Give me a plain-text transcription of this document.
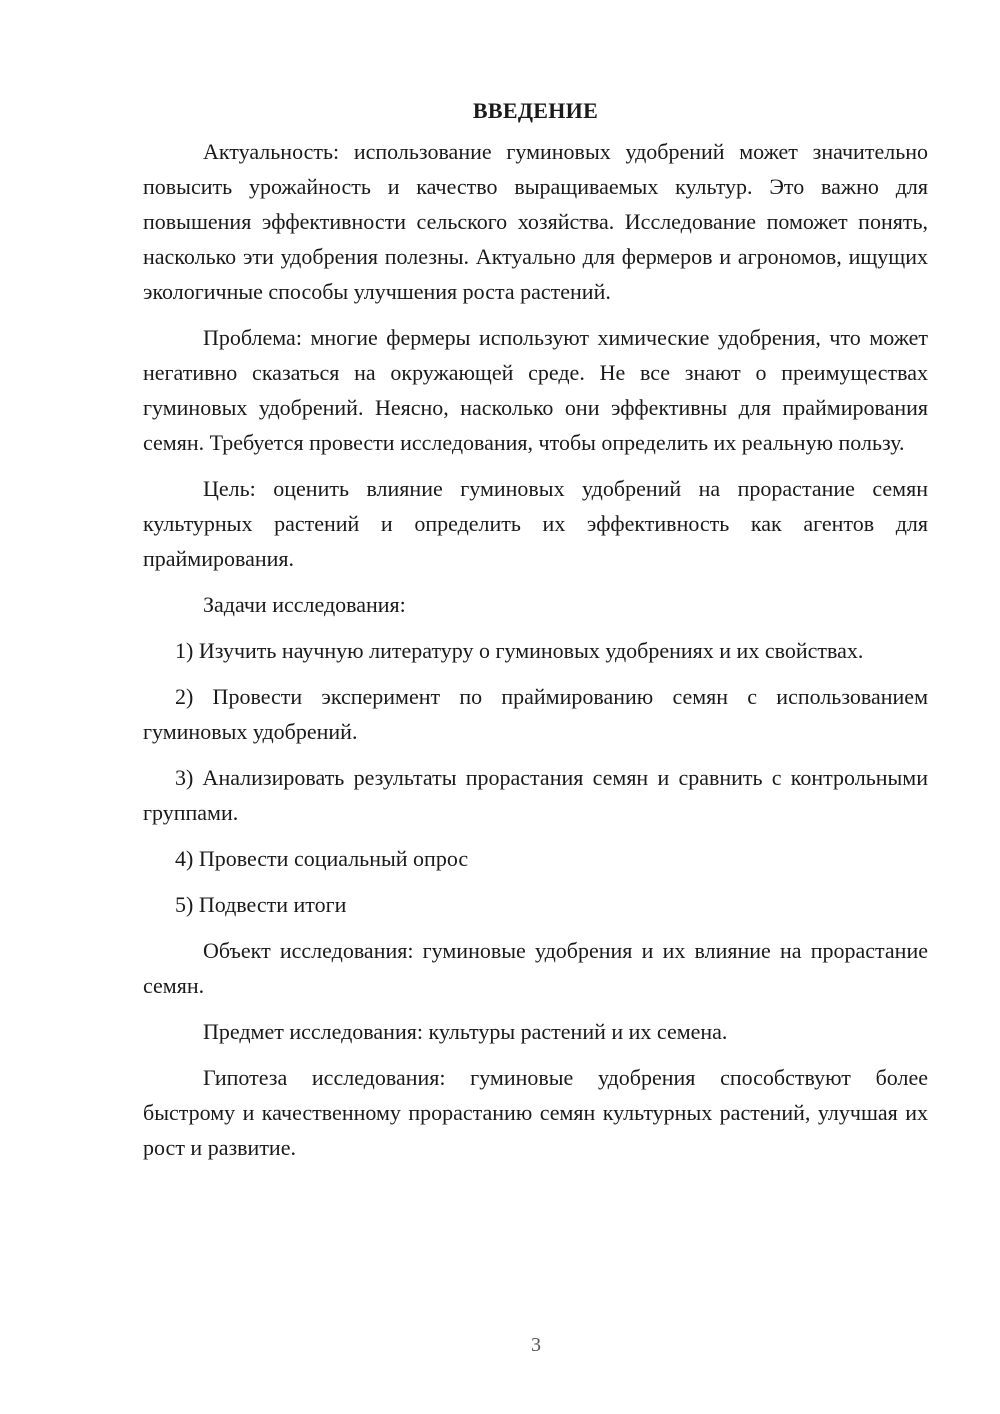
ВВЕДЕНИЕ

Актуальность: использование гуминовых удобрений может значительно повысить урожайность и качество выращиваемых культур. Это важно для повышения эффективности сельского хозяйства. Исследование поможет понять, насколько эти удобрения полезны. Актуально для фермеров и агрономов, ищущих экологичные способы улучшения роста растений.

Проблема: многие фермеры используют химические удобрения, что может негативно сказаться на окружающей среде. Не все знают о преимуществах гуминовых удобрений. Неясно, насколько они эффективны для праймирования семян. Требуется провести исследования, чтобы определить их реальную пользу.

Цель: оценить влияние гуминовых удобрений на прорастание семян культурных растений и определить их эффективность как агентов для праймирования.

Задачи исследования:

1) Изучить научную литературу о гуминовых удобрениях и их свойствах.

2) Провести эксперимент по праймированию семян с использованием гуминовых удобрений.

3) Анализировать результаты прорастания семян и сравнить с контрольными группами.

4) Провести социальный опрос

5) Подвести итоги

Объект исследования: гуминовые удобрения и их влияние на прорастание семян.

Предмет исследования: культуры растений и их семена.

Гипотеза исследования: гуминовые удобрения способствуют более быстрому и качественному прорастанию семян культурных растений, улучшая их рост и развитие.

3
